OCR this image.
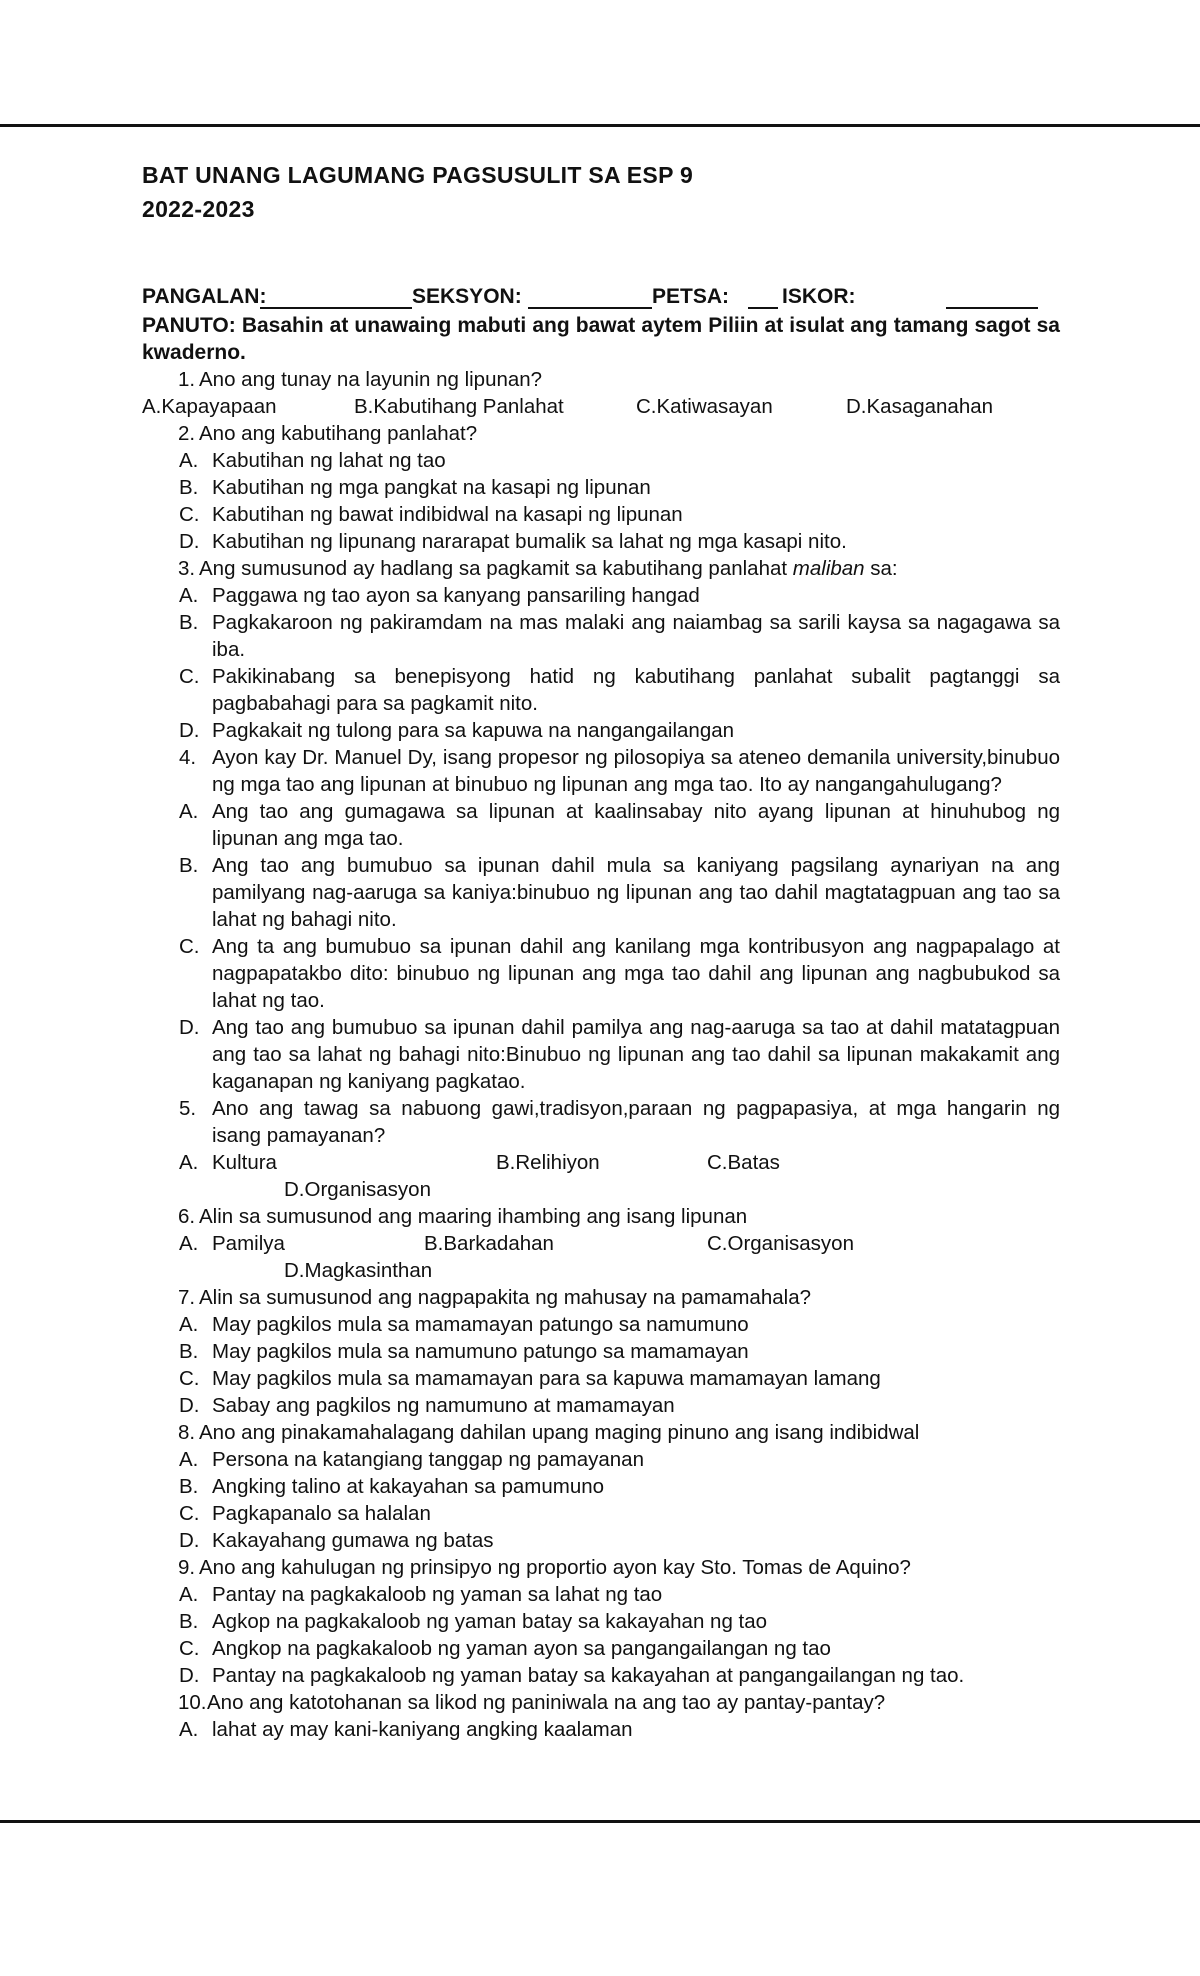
BAT UNANG LAGUMANG PAGSUSULIT SA ESP 9
2022-2023
PANGALAN:	SEKSYON:	PETSA:	ISKOR:
PANUTO: Basahin at unawaing mabuti ang bawat aytem Piliin at isulat ang tamang sagot sa kwaderno.
1. Ano ang tunay na layunin ng lipunan?
A.Kapayapaan	B.Kabutihang Panlahat	C.Katiwasayan	D.Kasaganahan
2. Ano ang kabutihang panlahat?
A. Kabutihan ng lahat ng tao
B. Kabutihan ng mga pangkat na kasapi ng lipunan
C. Kabutihan ng bawat indibidwal na kasapi ng lipunan
D. Kabutihan ng lipunang nararapat bumalik sa lahat ng mga kasapi nito.
3. Ang sumusunod ay hadlang sa pagkamit sa kabutihang panlahat maliban sa:
A. Paggawa ng tao ayon sa kanyang pansariling hangad
B. Pagkakaroon ng pakiramdam na mas malaki ang naiambag sa sarili kaysa sa nagagawa sa iba.
C. Pakikinabang sa benepisyong hatid ng kabutihang panlahat subalit pagtanggi sa pagbabahagi para sa pagkamit nito.
D. Pagkakait ng tulong para sa kapuwa na nangangailangan
4. Ayon kay Dr. Manuel Dy, isang propesor ng pilosopiya sa ateneo demanila university,binubuo ng mga tao ang lipunan at binubuo ng lipunan ang mga tao. Ito ay nangangahulugang?
A. Ang tao ang gumagawa sa lipunan at kaalinsabay nito ayang lipunan at hinuhubog ng lipunan ang mga tao.
B. Ang tao ang bumubuo sa ipunan dahil mula sa kaniyang pagsilang aynariyan na ang pamilyang nag-aaruga sa kaniya:binubuo ng lipunan ang tao dahil magtatagpuan ang tao sa lahat ng bahagi nito.
C. Ang ta ang bumubuo sa ipunan dahil ang kanilang mga kontribusyon ang nagpapalago at nagpapatakbo dito: binubuo ng lipunan ang mga tao dahil ang lipunan ang nagbubukod sa lahat ng tao.
D. Ang tao ang bumubuo sa ipunan dahil pamilya ang nag-aaruga sa tao at dahil matatagpuan ang tao sa lahat ng bahagi nito:Binubuo ng lipunan ang tao dahil sa lipunan makakamit ang kaganapan ng kaniyang pagkatao.
5. Ano ang tawag sa nabuong gawi,tradisyon,paraan ng pagpapasiya, at mga hangarin ng isang pamayanan?
A. Kultura	B.Relihiyon	C.Batas
D.Organisasyon
6. Alin sa sumusunod ang maaring ihambing ang isang lipunan
A. Pamilya	B.Barkadahan	C.Organisasyon
D.Magkasinthan
7. Alin sa sumusunod ang nagpapakita ng mahusay na pamamahala?
A. May pagkilos mula sa mamamayan patungo sa namumuno
B. May pagkilos mula sa namumuno patungo sa mamamayan
C. May pagkilos mula sa mamamayan para sa kapuwa mamamayan lamang
D. Sabay ang pagkilos ng namumuno at mamamayan
8. Ano ang pinakamahalagang dahilan upang maging pinuno ang isang indibidwal
A. Persona na katangiang tanggap ng pamayanan
B. Angking talino at kakayahan sa pamumuno
C. Pagkapanalo sa halalan
D. Kakayahang gumawa ng batas
9. Ano ang kahulugan ng prinsipyo ng proportio ayon kay Sto. Tomas de Aquino?
A. Pantay na pagkakaloob ng yaman sa lahat ng tao
B. Agkop na pagkakaloob ng yaman batay sa kakayahan ng tao
C. Angkop na pagkakaloob ng yaman ayon sa pangangailangan ng tao
D. Pantay na pagkakaloob ng yaman batay sa kakayahan at pangangailangan ng tao.
10. Ano ang katotohanan sa likod ng paniniwala na ang tao ay pantay-pantay?
A. lahat ay may kani-kaniyang angking kaalaman
